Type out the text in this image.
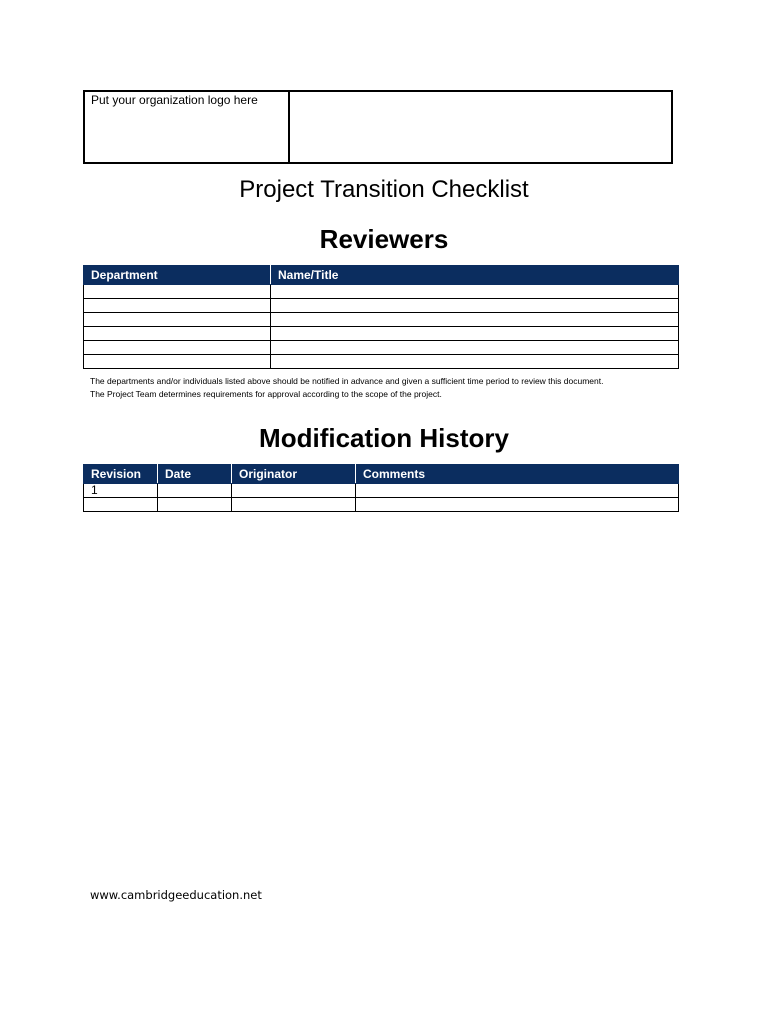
Put your organization logo here
Project Transition Checklist
Reviewers
Department	Name/Title

The departments and/or individuals listed above should be notified in advance and given a sufficient time period to review this document.
The Project Team determines requirements for approval according to the scope of the project.
Modification History
Revision	Date	Originator	Comments
1			

www.cambridgeeducation.net
